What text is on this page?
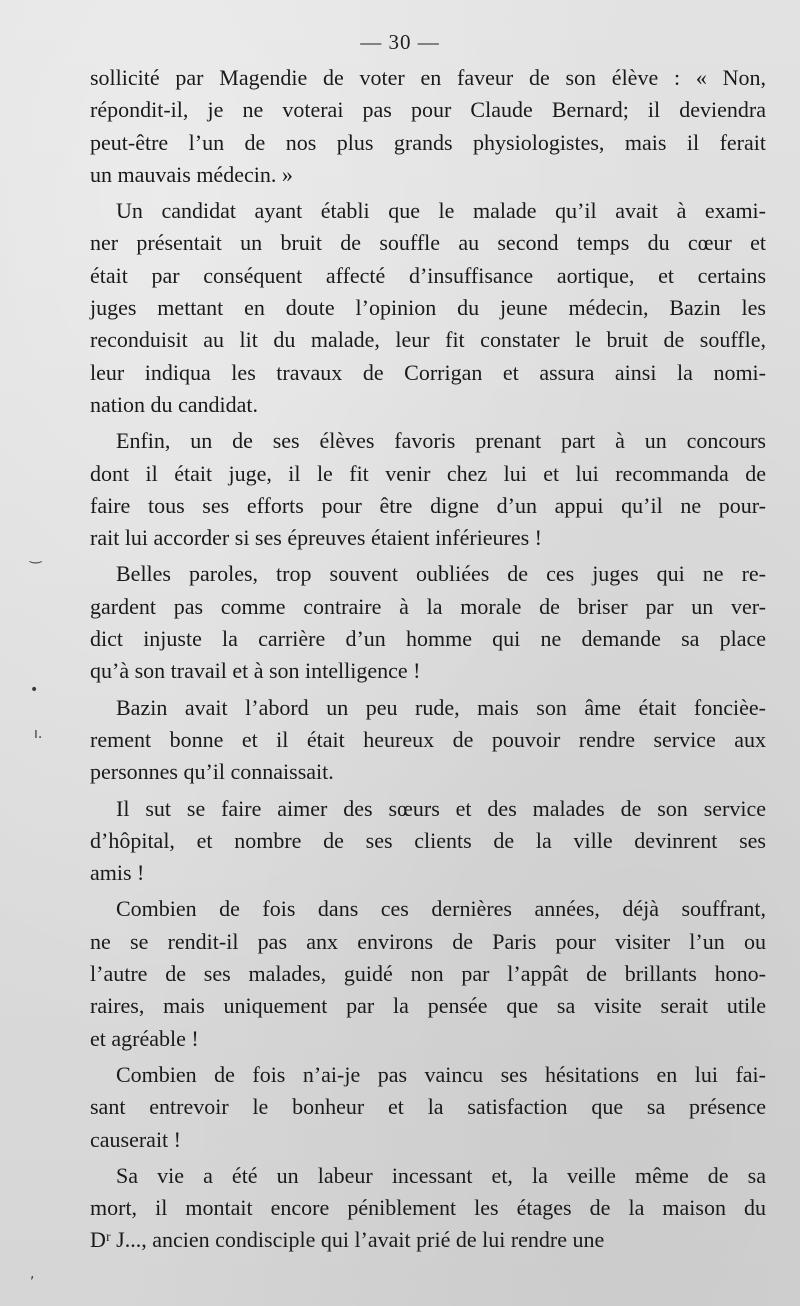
— 30 —
sollicité par Magendie de voter en faveur de son élève : « Non,
répondit-il, je ne voterai pas pour Claude Bernard; il deviendra
peut-être l’un de nos plus grands physiologistes, mais il ferait
un mauvais médecin. »
Un candidat ayant établi que le malade qu’il avait à exami-
ner présentait un bruit de souffle au second temps du cœur et
était par conséquent affecté d’insuffisance aortique, et certains
juges mettant en doute l’opinion du jeune médecin, Bazin les
reconduisit au lit du malade, leur fit constater le bruit de souffle,
leur indiqua les travaux de Corrigan et assura ainsi la nomi-
nation du candidat.
Enfin, un de ses élèves favoris prenant part à un concours
dont il était juge, il le fit venir chez lui et lui recommanda de
faire tous ses efforts pour être digne d’un appui qu’il ne pour-
rait lui accorder si ses épreuves étaient inférieures !
Belles paroles, trop souvent oubliées de ces juges qui ne re-
gardent pas comme contraire à la morale de briser par un ver-
dict injuste la carrière d’un homme qui ne demande sa place
qu’à son travail et à son intelligence !
Bazin avait l’abord un peu rude, mais son âme était foncièe-
rement bonne et il était heureux de pouvoir rendre service aux
personnes qu’il connaissait.
Il sut se faire aimer des sœurs et des malades de son service
d’hôpital, et nombre de ses clients de la ville devinrent ses
amis !
Combien de fois dans ces dernières années, déjà souffrant,
ne se rendit-il pas anx environs de Paris pour visiter l’un ou
l’autre de ses malades, guidé non par l’appât de brillants hono-
raires, mais uniquement par la pensée que sa visite serait utile
et agréable !
Combien de fois n’ai-je pas vaincu ses hésitations en lui fai-
sant entrevoir le bonheur et la satisfaction que sa présence
causerait !
Sa vie a été un labeur incessant et, la veille même de sa
mort, il montait encore péniblement les étages de la maison du
Dʳ J..., ancien condisciple qui l’avait prié de lui rendre une
‿
•
ı.
,
